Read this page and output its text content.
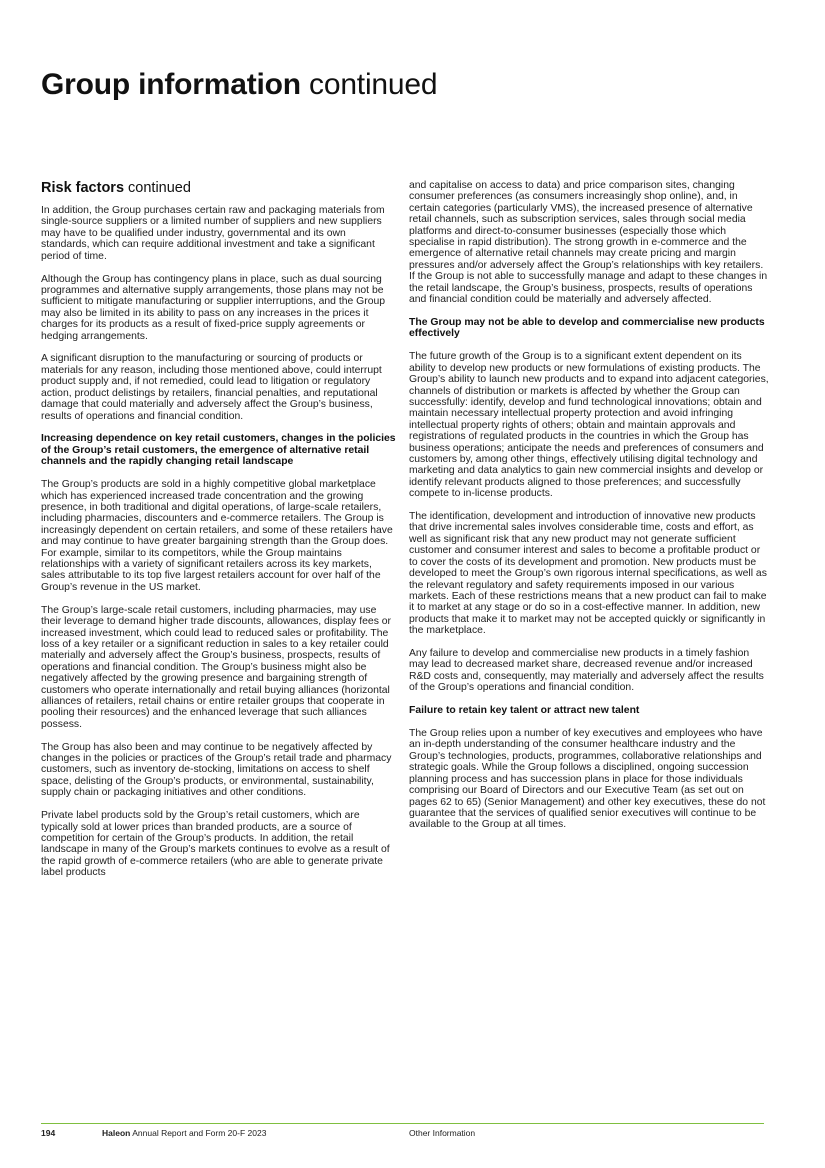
Group information continued
Risk factors continued

In addition, the Group purchases certain raw and packaging materials from single-source suppliers or a limited number of suppliers and new suppliers may have to be qualified under industry, governmental and its own standards, which can require additional investment and take a significant period of time.

Although the Group has contingency plans in place, such as dual sourcing programmes and alternative supply arrangements, those plans may not be sufficient to mitigate manufacturing or supplier interruptions, and the Group may also be limited in its ability to pass on any increases in the prices it charges for its products as a result of fixed-price supply agreements or hedging arrangements.

A significant disruption to the manufacturing or sourcing of products or materials for any reason, including those mentioned above, could interrupt product supply and, if not remedied, could lead to litigation or regulatory action, product delistings by retailers, financial penalties, and reputational damage that could materially and adversely affect the Group’s business, results of operations and financial condition.

Increasing dependence on key retail customers, changes in the policies of the Group’s retail customers, the emergence of alternative retail channels and the rapidly changing retail landscape

The Group’s products are sold in a highly competitive global marketplace which has experienced increased trade concentration and the growing presence, in both traditional and digital operations, of large-scale retailers, including pharmacies, discounters and e-commerce retailers. The Group is increasingly dependent on certain retailers, and some of these retailers have and may continue to have greater bargaining strength than the Group does. For example, similar to its competitors, while the Group maintains relationships with a variety of significant retailers across its key markets, sales attributable to its top five largest retailers account for over half of the Group’s revenue in the US market.

The Group’s large-scale retail customers, including pharmacies, may use their leverage to demand higher trade discounts, allowances, display fees or increased investment, which could lead to reduced sales or profitability. The loss of a key retailer or a significant reduction in sales to a key retailer could materially and adversely affect the Group’s business, prospects, results of operations and financial condition. The Group’s business might also be negatively affected by the growing presence and bargaining strength of customers who operate internationally and retail buying alliances (horizontal alliances of retailers, retail chains or entire retailer groups that cooperate in pooling their resources) and the enhanced leverage that such alliances possess.

The Group has also been and may continue to be negatively affected by changes in the policies or practices of the Group’s retail trade and pharmacy customers, such as inventory de-stocking, limitations on access to shelf space, delisting of the Group’s products, or environmental, sustainability, supply chain or packaging initiatives and other conditions.

Private label products sold by the Group’s retail customers, which are typically sold at lower prices than branded products, are a source of competition for certain of the Group’s products. In addition, the retail landscape in many of the Group’s markets continues to evolve as a result of the rapid growth of e-commerce retailers (who are able to generate private label products

and capitalise on access to data) and price comparison sites, changing consumer preferences (as consumers increasingly shop online), and, in certain categories (particularly VMS), the increased presence of alternative retail channels, such as subscription services, sales through social media platforms and direct-to-consumer businesses (especially those which specialise in rapid distribution). The strong growth in e-commerce and the emergence of alternative retail channels may create pricing and margin pressures and/or adversely affect the Group’s relationships with key retailers. If the Group is not able to successfully manage and adapt to these changes in the retail landscape, the Group’s business, prospects, results of operations and financial condition could be materially and adversely affected.

The Group may not be able to develop and commercialise new products effectively

The future growth of the Group is to a significant extent dependent on its ability to develop new products or new formulations of existing products. The Group’s ability to launch new products and to expand into adjacent categories, channels of distribution or markets is affected by whether the Group can successfully: identify, develop and fund technological innovations; obtain and maintain necessary intellectual property protection and avoid infringing intellectual property rights of others; obtain and maintain approvals and registrations of regulated products in the countries in which the Group has business operations; anticipate the needs and preferences of consumers and customers by, among other things, effectively utilising digital technology and marketing and data analytics to gain new commercial insights and develop or identify relevant products aligned to those preferences; and successfully compete to in-license products.

The identification, development and introduction of innovative new products that drive incremental sales involves considerable time, costs and effort, as well as significant risk that any new product may not generate sufficient customer and consumer interest and sales to become a profitable product or to cover the costs of its development and promotion. New products must be developed to meet the Group’s own rigorous internal specifications, as well as the relevant regulatory and safety requirements imposed in our various markets. Each of these restrictions means that a new product can fail to make it to market at any stage or do so in a cost-effective manner. In addition, new products that make it to market may not be accepted quickly or significantly in the marketplace.

Any failure to develop and commercialise new products in a timely fashion may lead to decreased market share, decreased revenue and/or increased R&D costs and, consequently, may materially and adversely affect the results of the Group’s operations and financial condition.

Failure to retain key talent or attract new talent

The Group relies upon a number of key executives and employees who have an in-depth understanding of the consumer healthcare industry and the Group’s technologies, products, programmes, collaborative relationships and strategic goals. While the Group follows a disciplined, ongoing succession planning process and has succession plans in place for those individuals comprising our Board of Directors and our Executive Team (as set out on pages 62 to 65) (Senior Management) and other key executives, these do not guarantee that the services of qualified senior executives will continue to be available to the Group at all times.

194	Haleon Annual Report and Form 20-F 2023	Other Information
